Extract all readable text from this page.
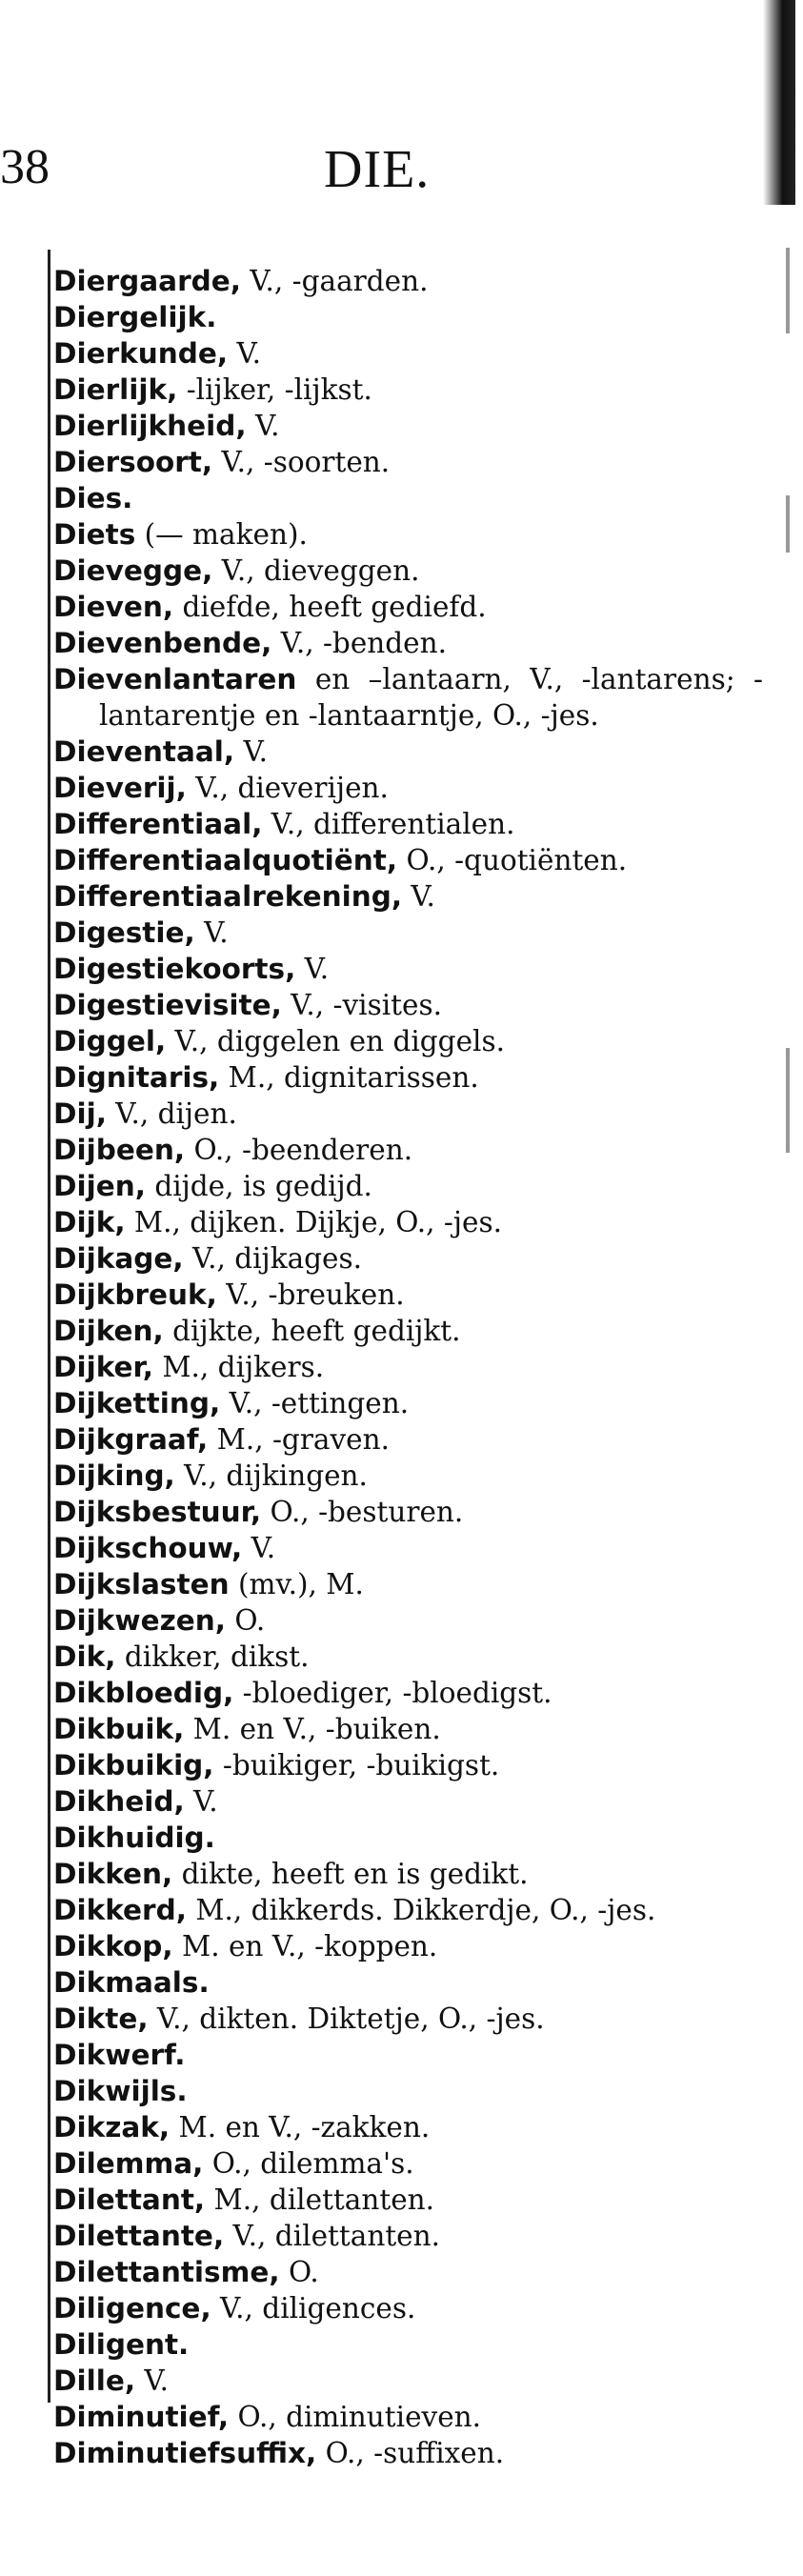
38	DIE.
Diergaarde, V., -gaarden.
Diergelijk.
Dierkunde, V.
Dierlijk, -lijker, -lijkst.
Dierlijkheid, V.
Diersoort, V., -soorten.
Dies.
Diets (— maken).
Dievegge, V., dieveggen.
Dieven, diefde, heeft gediefd.
Dievenbende, V., -benden.
Dievenlantaren en –lantaarn, V., -lantarens; -lantarentje en -lantaarntje, O., -jes.
Dieventaal, V.
Dieverij, V., dieverijen.
Differentiaal, V., differentialen.
Differentiaalquotiënt, O., -quotiënten.
Differentiaalrekening, V.
Digestie, V.
Digestiekoorts, V.
Digestievisite, V., -visites.
Diggel, V., diggelen en diggels.
Dignitaris, M., dignitarissen.
Dij, V., dijen.
Dijbeen, O., -beenderen.
Dijen, dijde, is gedijd.
Dijk, M., dijken. Dijkje, O., -jes.
Dijkage, V., dijkages.
Dijkbreuk, V., -breuken.
Dijken, dijkte, heeft gedijkt.
Dijker, M., dijkers.
Dijketting, V., -ettingen.
Dijkgraaf, M., -graven.
Dijking, V., dijkingen.
Dijksbestuur, O., -besturen.
Dijkschouw, V.
Dijkslasten (mv.), M.
Dijkwezen, O.
Dik, dikker, dikst.
Dikbloedig, -bloediger, -bloedigst.
Dikbuik, M. en V., -buiken.
Dikbuikig, -buikiger, -buikigst.
Dikheid, V.
Dikhuidig.
Dikken, dikte, heeft en is gedikt.
Dikkerd, M., dikkerds. Dikkerdje, O., -jes.
Dikkop, M. en V., -koppen.
Dikmaals.
Dikte, V., dikten. Diktetje, O., -jes.
Dikwerf.
Dikwijls.
Dikzak, M. en V., -zakken.
Dilemma, O., dilemma's.
Dilettant, M., dilettanten.
Dilettante, V., dilettanten.
Dilettantisme, O.
Diligence, V., diligences.
Diligent.
Dille, V.
Diminutief, O., diminutieven.
Diminutiefsuffix, O., -suffixen.
